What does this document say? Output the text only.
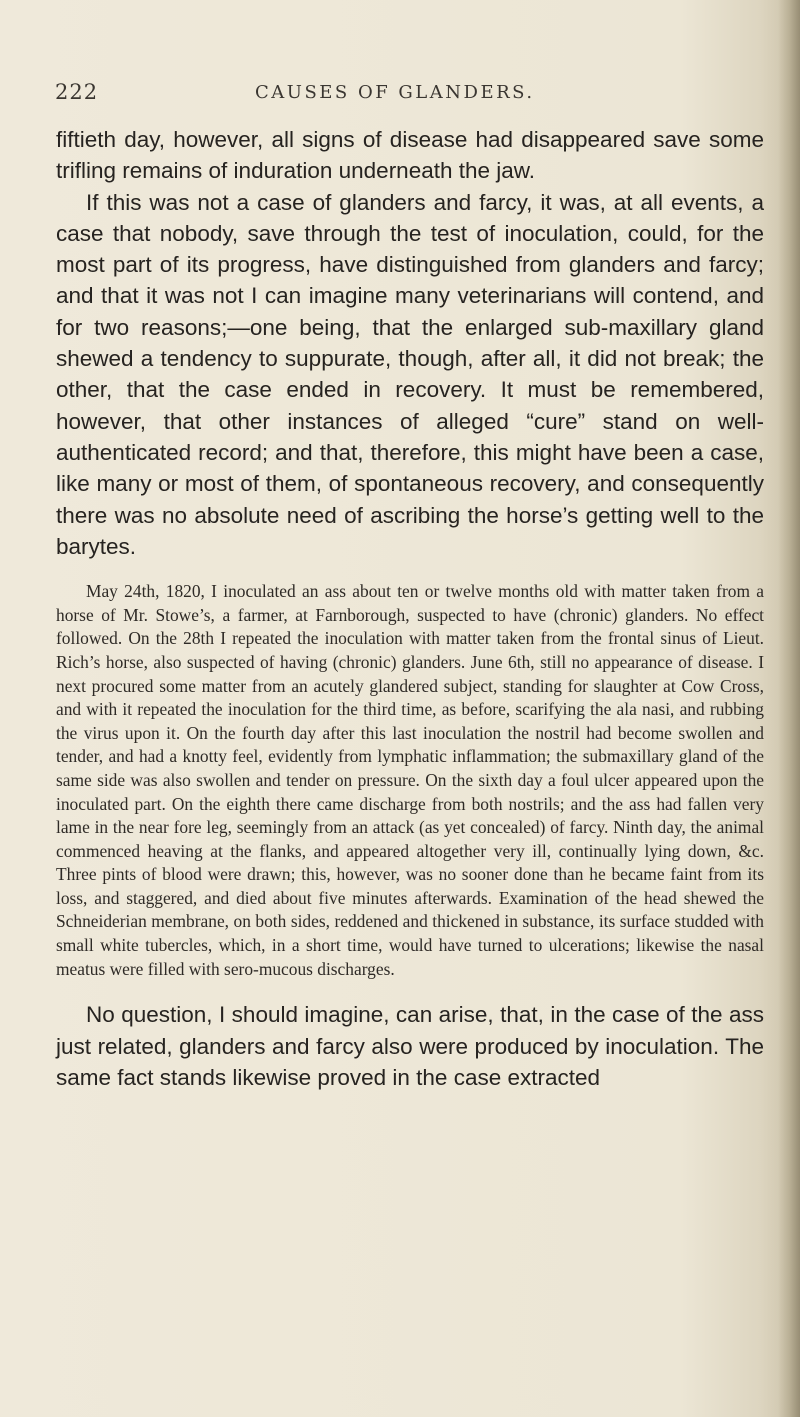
222	CAUSES OF GLANDERS.

fiftieth day, however, all signs of disease had disappeared save some trifling remains of induration underneath the jaw.

If this was not a case of glanders and farcy, it was, at all events, a case that nobody, save through the test of inoculation, could, for the most part of its progress, have distinguished from glanders and farcy; and that it was not I can imagine many veterinarians will contend, and for two reasons;—one being, that the enlarged sub-maxillary gland shewed a tendency to suppurate, though, after all, it did not break; the other, that the case ended in recovery. It must be remembered, however, that other instances of alleged “cure” stand on well-authenticated record; and that, therefore, this might have been a case, like many or most of them, of spontaneous recovery, and consequently there was no absolute need of ascribing the horse’s getting well to the barytes.

May 24th, 1820, I inoculated an ass about ten or twelve months old with matter taken from a horse of Mr. Stowe’s, a farmer, at Farnborough, suspected to have (chronic) glanders. No effect followed. On the 28th I repeated the inoculation with matter taken from the frontal sinus of Lieut. Rich’s horse, also suspected of having (chronic) glanders. June 6th, still no appearance of disease. I next procured some matter from an acutely glandered subject, standing for slaughter at Cow Cross, and with it repeated the inoculation for the third time, as before, scarifying the ala nasi, and rubbing the virus upon it. On the fourth day after this last inoculation the nostril had become swollen and tender, and had a knotty feel, evidently from lymphatic inflammation; the submaxillary gland of the same side was also swollen and tender on pressure. On the sixth day a foul ulcer appeared upon the inoculated part. On the eighth there came discharge from both nostrils; and the ass had fallen very lame in the near fore leg, seemingly from an attack (as yet concealed) of farcy. Ninth day, the animal commenced heaving at the flanks, and appeared altogether very ill, continually lying down, &c. Three pints of blood were drawn; this, however, was no sooner done than he became faint from its loss, and staggered, and died about five minutes afterwards. Examination of the head shewed the Schneiderian membrane, on both sides, reddened and thickened in substance, its surface studded with small white tubercles, which, in a short time, would have turned to ulcerations; likewise the nasal meatus were filled with sero-mucous discharges.

No question, I should imagine, can arise, that, in the case of the ass just related, glanders and farcy also were produced by inoculation. The same fact stands likewise proved in the case extracted
